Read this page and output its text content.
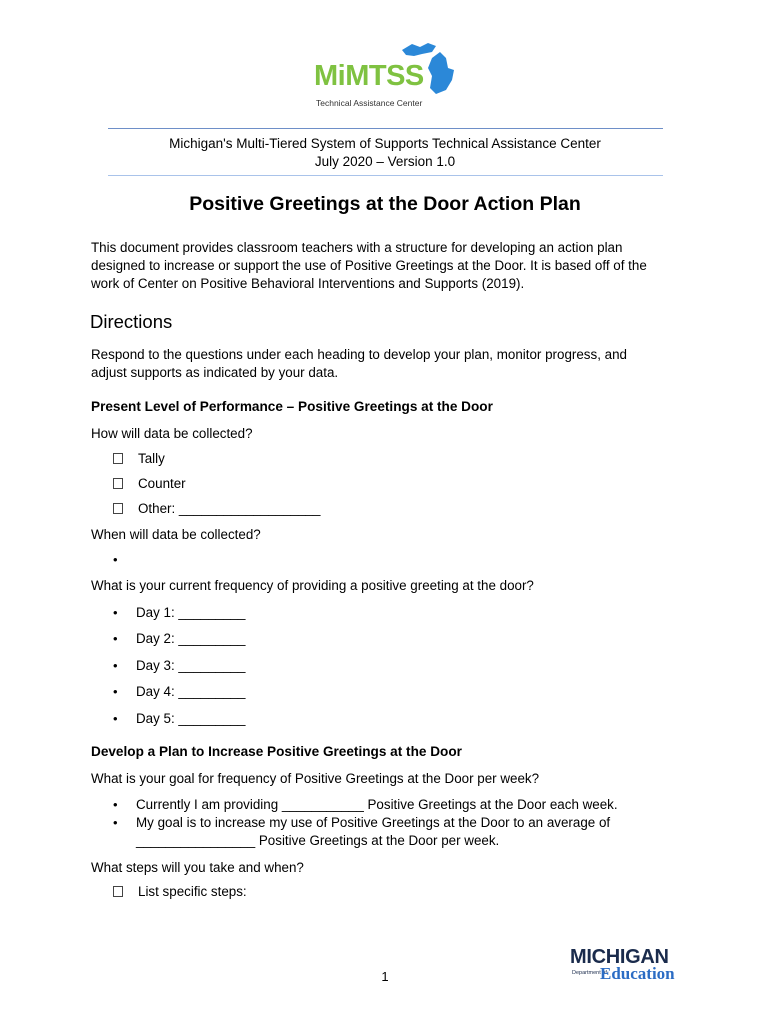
MiMTSS
Technical Assistance Center
Michigan's Multi-Tiered System of Supports Technical Assistance Center
July 2020 – Version 1.0
Positive Greetings at the Door Action Plan
This document provides classroom teachers with a structure for developing an action plan
designed to increase or support the use of Positive Greetings at the Door. It is based off of the
work of Center on Positive Behavioral Interventions and Supports (2019).
Directions
Respond to the questions under each heading to develop your plan, monitor progress, and
adjust supports as indicated by your data.
Present Level of Performance – Positive Greetings at the Door
How will data be collected?
Tally
Counter
Other: ___________________
When will data be collected?
•
What is your current frequency of providing a positive greeting at the door?
• Day 1: _________
• Day 2: _________
• Day 3: _________
• Day 4: _________
• Day 5: _________
Develop a Plan to Increase Positive Greetings at the Door
What is your goal for frequency of Positive Greetings at the Door per week?
• Currently I am providing ___________ Positive Greetings at the Door each week.
• My goal is to increase my use of Positive Greetings at the Door to an average of
________________ Positive Greetings at the Door per week.
What steps will you take and when?
List specific steps:
1
MICHIGAN
Department of
Education
